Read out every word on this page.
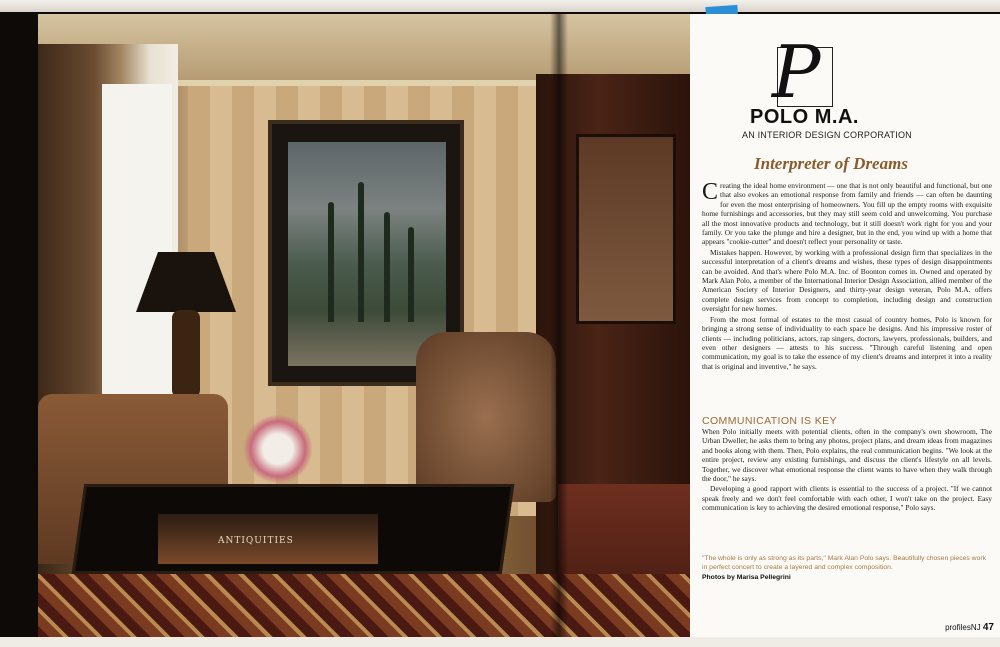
ANTIQUITIES
P
POLO M.A.
AN INTERIOR DESIGN CORPORATION
Interpreter of Dreams

Creating the ideal home environment — one that is not only beautiful and functional, but one that also evokes an emotional response from family and friends — can often be daunting for even the most enterprising of homeowners. You fill up the empty rooms with exquisite home furnishings and accessories, but they may still seem cold and unwelcoming. You purchase all the most innovative products and technology, but it still doesn't work right for you and your family. Or you take the plunge and hire a designer, but in the end, you wind up with a home that appears "cookie-cutter" and doesn't reflect your personality or taste.

Mistakes happen. However, by working with a professional design firm that specializes in the successful interpretation of a client's dreams and wishes, these types of design disappointments can be avoided. And that's where Polo M.A. Inc. of Boonton comes in. Owned and operated by Mark Alan Polo, a member of the International Interior Design Association, allied member of the American Society of Interior Designers, and thirty-year design veteran, Polo M.A. offers complete design services from concept to completion, including design and construction oversight for new homes.

From the most formal of estates to the most casual of country homes, Polo is known for bringing a strong sense of individuality to each space he designs. And his impressive roster of clients — including politicians, actors, rap singers, doctors, lawyers, professionals, builders, and even other designers — attests to his success. "Through careful listening and open communication, my goal is to take the essence of my client's dreams and interpret it into a reality that is original and inventive," he says.

COMMUNICATION IS KEY

When Polo initially meets with potential clients, often in the company's own showroom, The Urban Dweller, he asks them to bring any photos, project plans, and dream ideas from magazines and books along with them. Then, Polo explains, the real communication begins. "We look at the entire project, review any existing furnishings, and discuss the client's lifestyle on all levels. Together, we discover what emotional response the client wants to have when they walk through the door," he says.

Developing a good rapport with clients is essential to the success of a project. "If we cannot speak freely and we don't feel comfortable with each other, I won't take on the project. Easy communication is key to achieving the desired emotional response," Polo says.

"The whole is only as strong as its parts," Mark Alan Polo says. Beautifully chosen pieces work in perfect concert to create a layered and complex composition.
Photos by Marisa Pellegrini
profilesNJ 47
